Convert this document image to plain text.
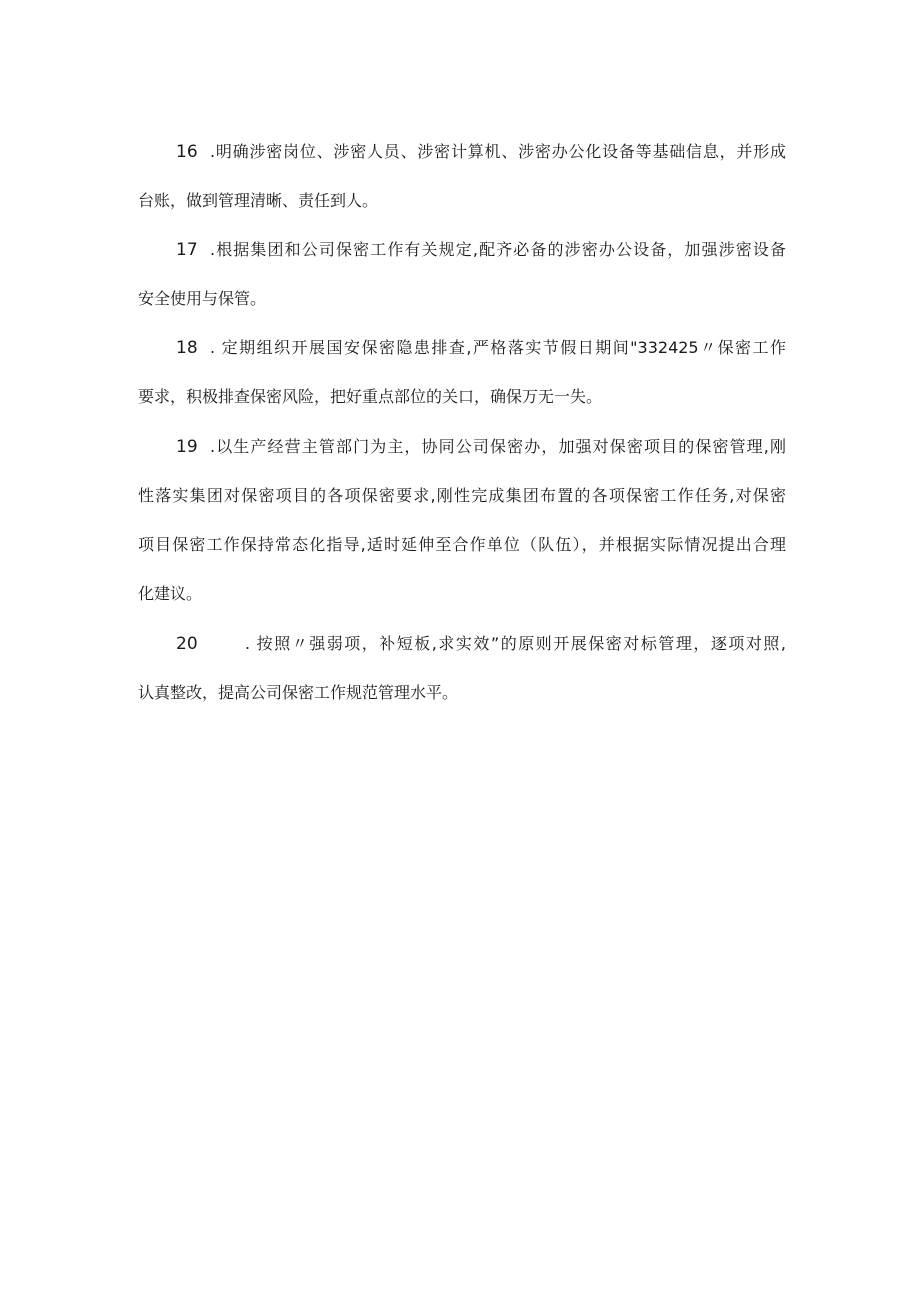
16 .明确涉密岗位、涉密人员、涉密计算机、涉密办公化设备等基础信息，并形成
台账，做到管理清晰、责任到人。
17 .根据集团和公司保密工作有关规定,配齐必备的涉密办公设备，加强涉密设备
安全使用与保管。
18 . 定期组织开展国安保密隐患排查,严格落实节假日期间"332425〃保密工作
要求，积极排查保密风险，把好重点部位的关口，确保万无一失。
19 .以生产经营主管部门为主，协同公司保密办，加强对保密项目的保密管理,刚
性落实集团对保密项目的各项保密要求,刚性完成集团布置的各项保密工作任务,对保密
项目保密工作保持常态化指导,适时延伸至合作单位（队伍），并根据实际情况提出合理
化建议。
20	. 按照〃强弱项，补短板,求实效”的原则开展保密对标管理，逐项对照,
认真整改，提高公司保密工作规范管理水平。
